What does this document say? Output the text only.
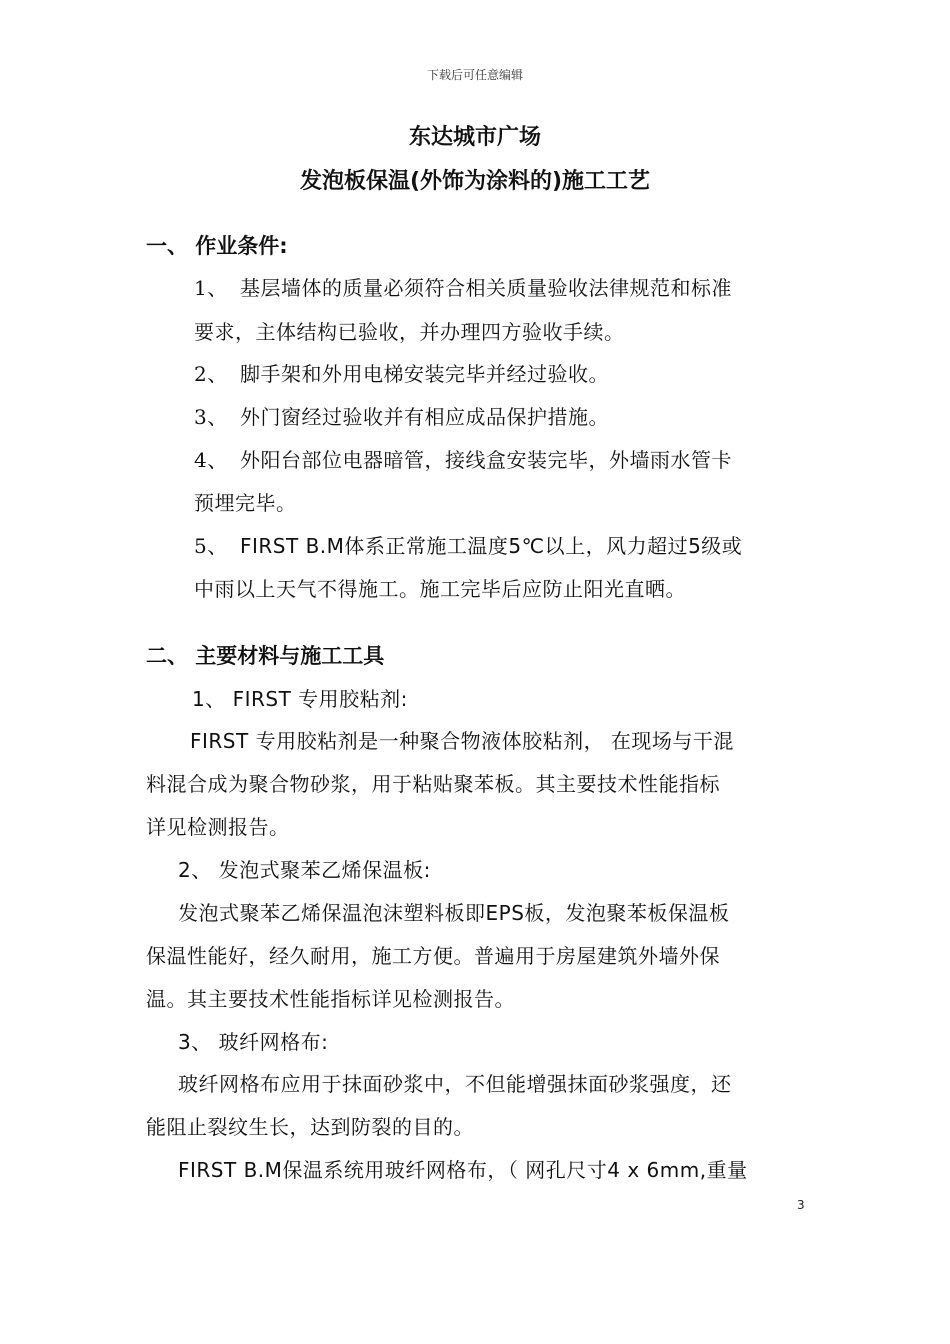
下载后可任意编辑
东达城市广场
发泡板保温(外饰为涂料的)施工工艺
一、 作业条件:
1、 基层墙体的质量必须符合相关质量验收法律规范和标准
要求，主体结构已验收，并办理四方验收手续。
2、 脚手架和外用电梯安装完毕并经过验收。
3、 外门窗经过验收并有相应成品保护措施。
4、 外阳台部位电器暗管，接线盒安装完毕，外墙雨水管卡
预埋完毕。
5、 FIRST B.M体系正常施工温度5℃以上，风力超过5级或
中雨以上天气不得施工。施工完毕后应防止阳光直晒。
二、 主要材料与施工工具
1、 FIRST 专用胶粘剂:
FIRST 专用胶粘剂是一种聚合物液体胶粘剂， 在现场与干混
料混合成为聚合物砂浆，用于粘贴聚苯板。其主要技术性能指标
详见检测报告。
2、 发泡式聚苯乙烯保温板:
发泡式聚苯乙烯保温泡沫塑料板即EPS板，发泡聚苯板保温板
保温性能好，经久耐用，施工方便。普遍用于房屋建筑外墙外保
温。其主要技术性能指标详见检测报告。
3、 玻纤网格布:
玻纤网格布应用于抹面砂浆中，不但能增强抹面砂浆强度，还
能阻止裂纹生长，达到防裂的目的。
FIRST B.M保温系统用玻纤网格布，（ 网孔尺寸4 x 6mm,重量
3
